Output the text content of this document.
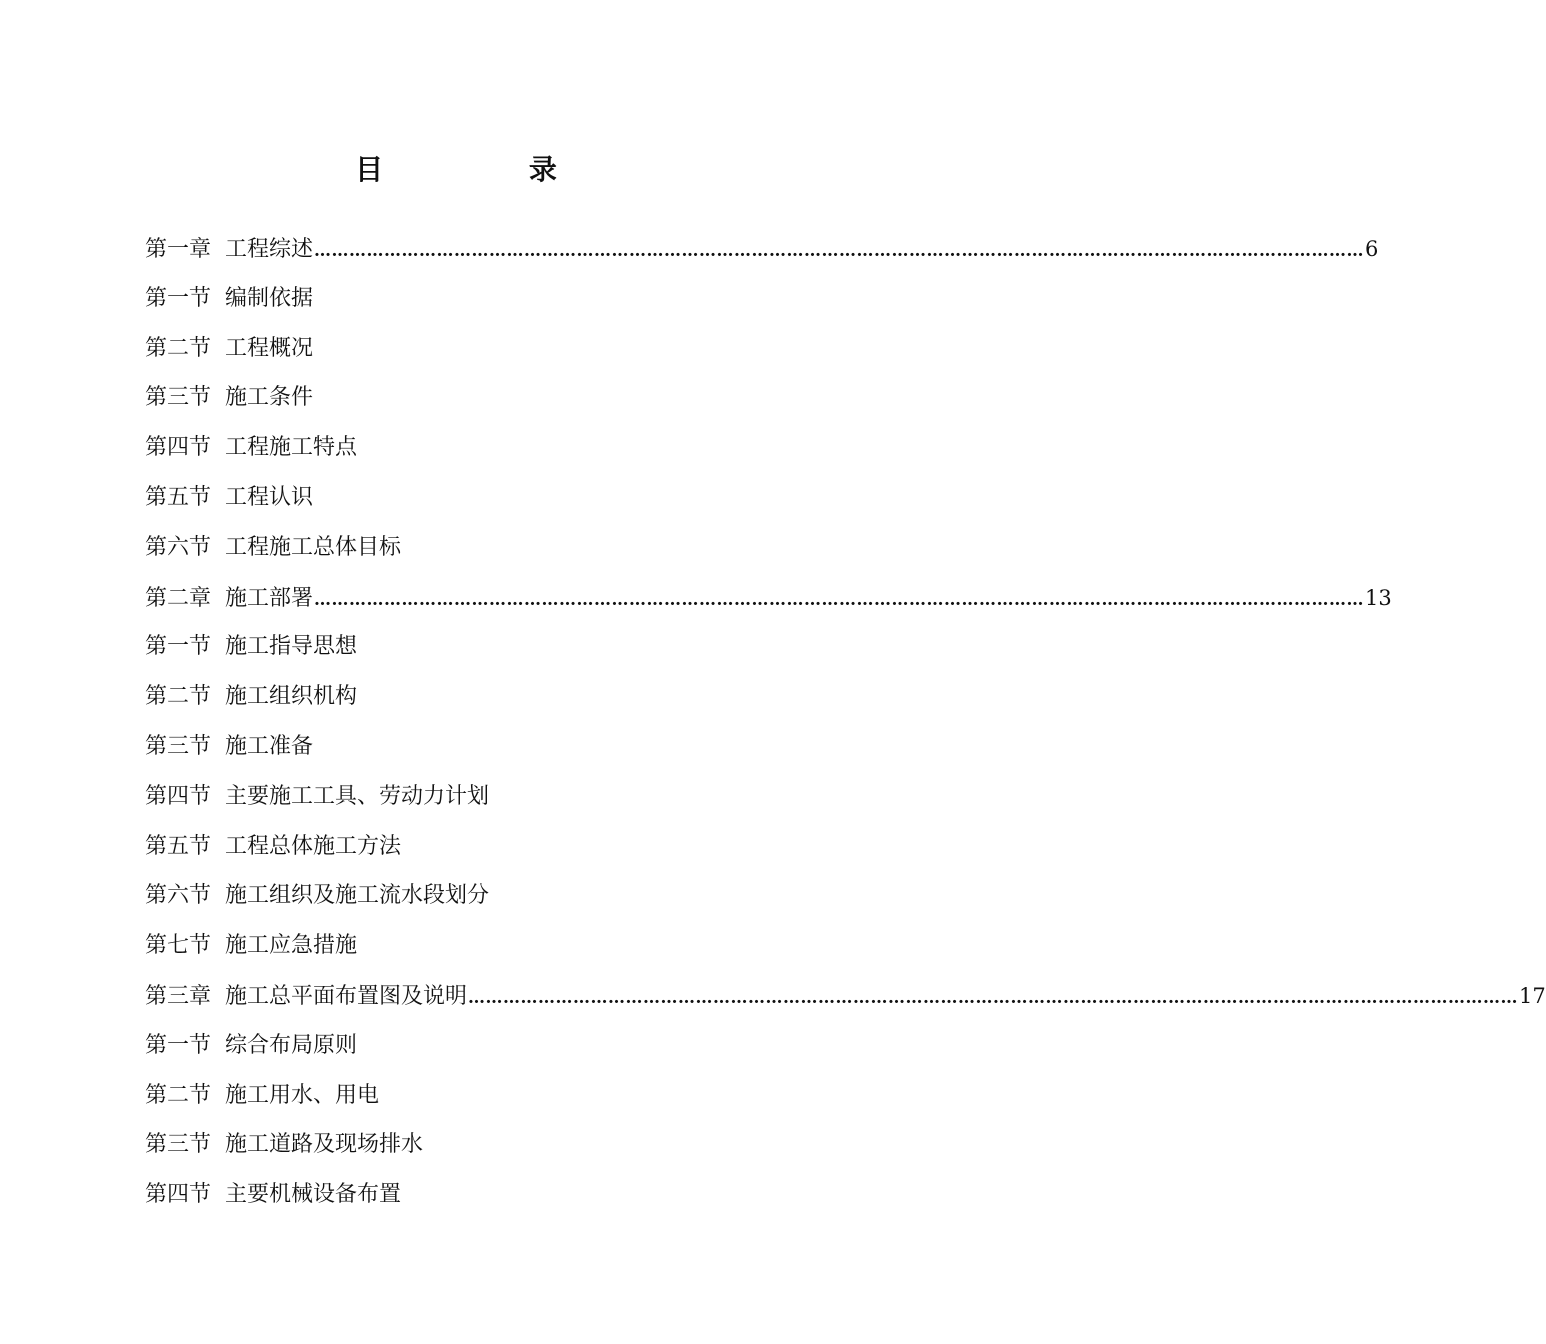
目 录
第一章 工程综述 ……………………………………………………………………………………………………………………………………………………………… 6
第一节 编制依据
第二节 工程概况
第三节 施工条件
第四节 工程施工特点
第五节 工程认识
第六节 工程施工总体目标
第二章 施工部署 ……………………………………………………………………………………………………………………………………………………………… 13
第一节 施工指导思想
第二节 施工组织机构
第三节 施工准备
第四节 主要施工工具、劳动力计划
第五节 工程总体施工方法
第六节 施工组织及施工流水段划分
第七节 施工应急措施
第三章 施工总平面布置图及说明 ……………………………………………………………………………………………………………………………………………………………… 17
第一节 综合布局原则
第二节 施工用水、用电
第三节 施工道路及现场排水
第四节 主要机械设备布置
